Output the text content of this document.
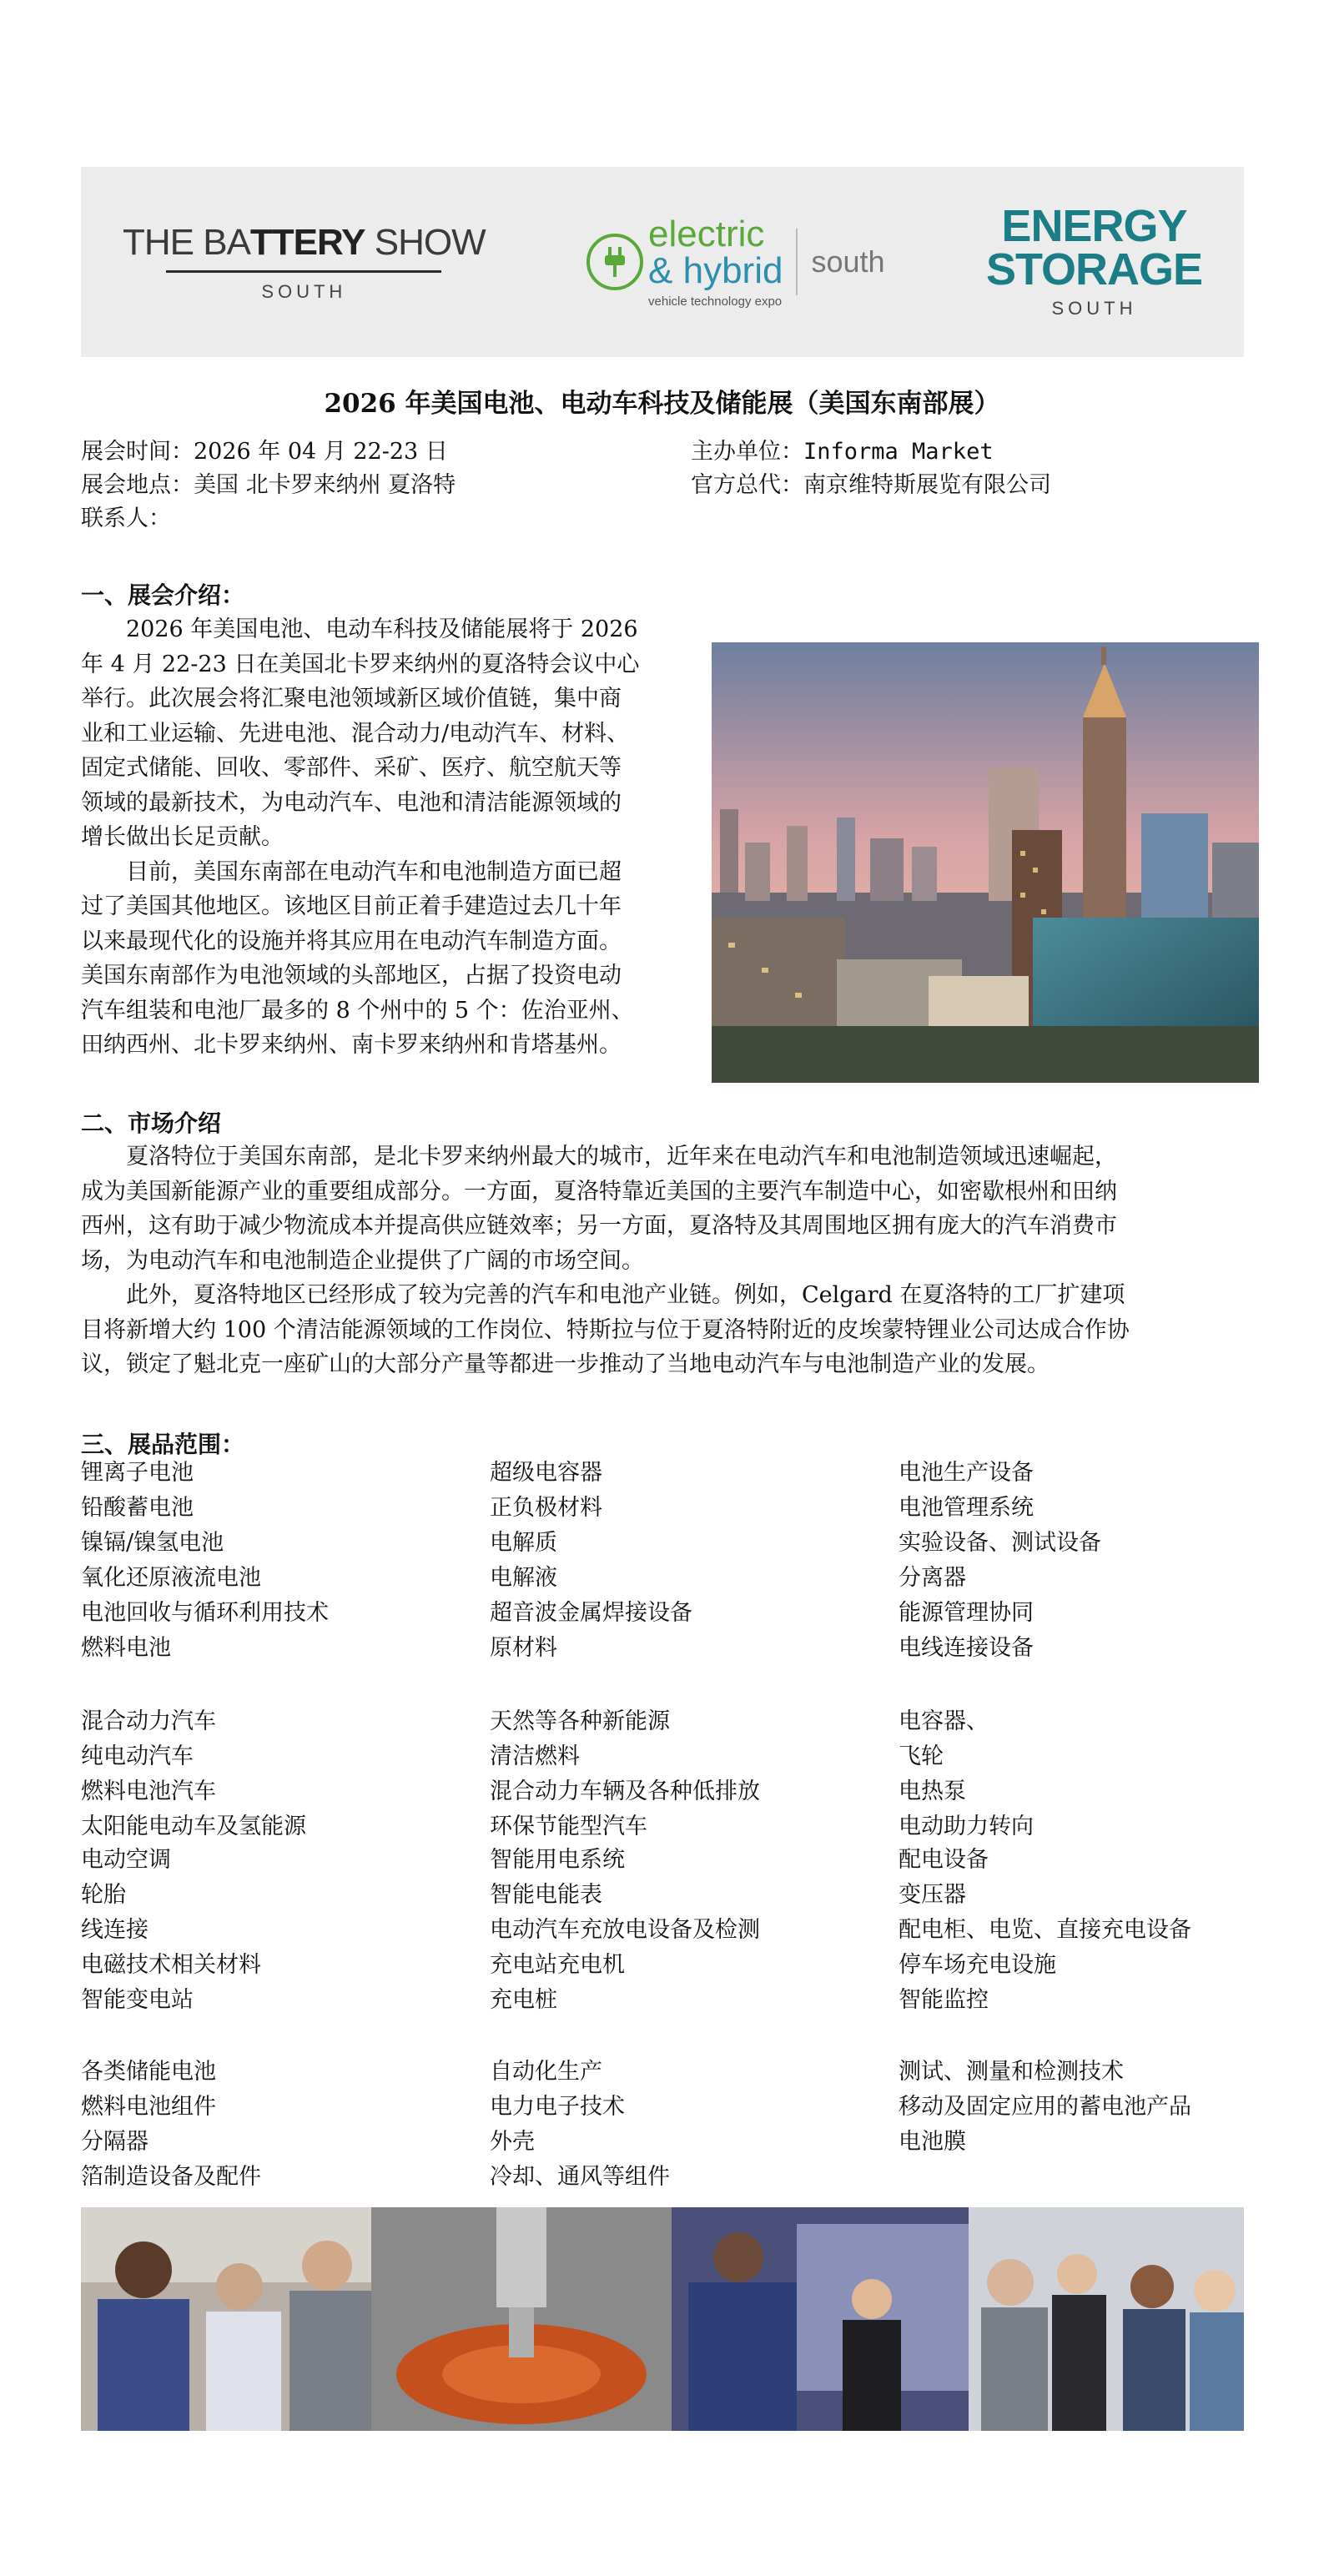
THE BATTERY SHOW
SOUTH
electric
& hybrid
vehicle technology expo
south
ENERGY
STORAGE
SOUTH
2026 年美国电池、电动车科技及储能展（美国东南部展）
展会时间：2026 年 04 月 22-23 日
展会地点：美国 北卡罗来纳州 夏洛特
联系人：
主办单位：Informa Market
官方总代：南京维特斯展览有限公司
一、展会介绍：
2026 年美国电池、电动车科技及储能展将于 2026
年 4 月 22-23 日在美国北卡罗来纳州的夏洛特会议中心
举行。此次展会将汇聚电池领域新区域价值链，集中商
业和工业运输、先进电池、混合动力/电动汽车、材料、
固定式储能、回收、零部件、采矿、医疗、航空航天等
领域的最新技术，为电动汽车、电池和清洁能源领域的
增长做出长足贡献。
目前，美国东南部在电动汽车和电池制造方面已超
过了美国其他地区。该地区目前正着手建造过去几十年
以来最现代化的设施并将其应用在电动汽车制造方面。
美国东南部作为电池领域的头部地区，占据了投资电动
汽车组装和电池厂最多的 8 个州中的 5 个：佐治亚州、
田纳西州、北卡罗来纳州、南卡罗来纳州和肯塔基州。
二、市场介绍
夏洛特位于美国东南部，是北卡罗来纳州最大的城市，近年来在电动汽车和电池制造领域迅速崛起，
成为美国新能源产业的重要组成部分。一方面，夏洛特靠近美国的主要汽车制造中心，如密歇根州和田纳
西州，这有助于减少物流成本并提高供应链效率；另一方面，夏洛特及其周围地区拥有庞大的汽车消费市
场，为电动汽车和电池制造企业提供了广阔的市场空间。
此外，夏洛特地区已经形成了较为完善的汽车和电池产业链。例如，Celgard 在夏洛特的工厂扩建项
目将新增大约 100 个清洁能源领域的工作岗位、特斯拉与位于夏洛特附近的皮埃蒙特锂业公司达成合作协
议，锁定了魁北克一座矿山的大部分产量等都进一步推动了当地电动汽车与电池制造产业的发展。
三、展品范围：
锂离子电池
铅酸蓄电池
镍镉/镍氢电池
氧化还原液流电池
电池回收与循环利用技术
燃料电池
超级电容器
正负极材料
电解质
电解液
超音波金属焊接设备
原材料
电池生产设备
电池管理系统
实验设备、测试设备
分离器
能源管理协同
电线连接设备
混合动力汽车
纯电动汽车
燃料电池汽车
太阳能电动车及氢能源
天然等各种新能源
清洁燃料
混合动力车辆及各种低排放
环保节能型汽车
电容器、
飞轮
电热泵
电动助力转向
电动空调
轮胎
线连接
电磁技术相关材料
智能变电站
智能用电系统
智能电能表
电动汽车充放电设备及检测
充电站充电机
充电桩
配电设备
变压器
配电柜、电览、直接充电设备
停车场充电设施
智能监控
各类储能电池
燃料电池组件
分隔器
箔制造设备及配件
自动化生产
电力电子技术
外壳
冷却、通风等组件
测试、测量和检测技术
移动及固定应用的蓄电池产品
电池膜
